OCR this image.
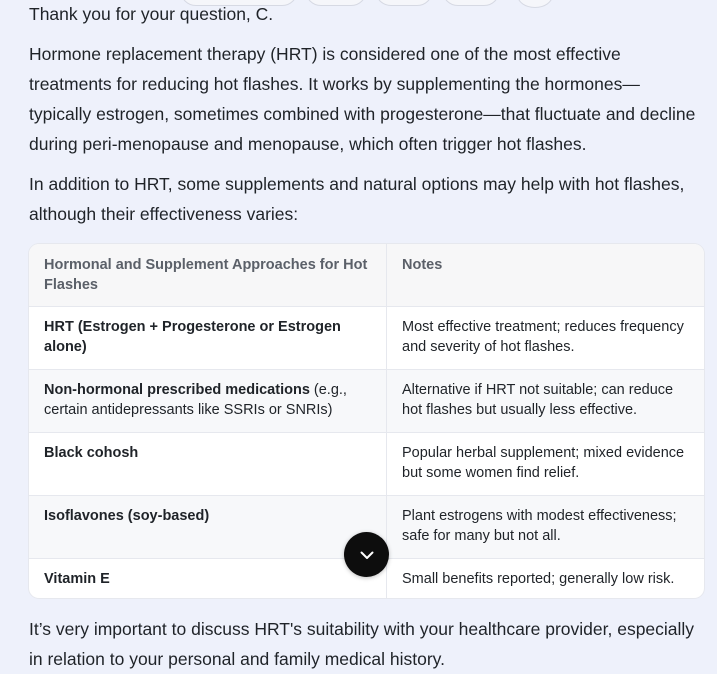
Thank you for your question, C.

Hormone replacement therapy (HRT) is considered one of the most effective treatments for reducing hot flashes. It works by supplementing the hormones—typically estrogen, sometimes combined with progesterone—that fluctuate and decline during peri-menopause and menopause, which often trigger hot flashes.

In addition to HRT, some supplements and natural options may help with hot flashes, although their effectiveness varies:

Hormonal and Supplement Approaches for Hot Flashes	Notes
HRT (Estrogen + Progesterone or Estrogen alone)	Most effective treatment; reduces frequency and severity of hot flashes.
Non-hormonal prescribed medications (e.g., certain antidepressants like SSRIs or SNRIs)	Alternative if HRT not suitable; can reduce hot flashes but usually less effective.
Black cohosh	Popular herbal supplement; mixed evidence but some women find relief.
Isoflavones (soy-based)	Plant estrogens with modest effectiveness; safe for many but not all.
Vitamin E	Small benefits reported; generally low risk.

It’s very important to discuss HRT's suitability with your healthcare provider, especially in relation to your personal and family medical history.
